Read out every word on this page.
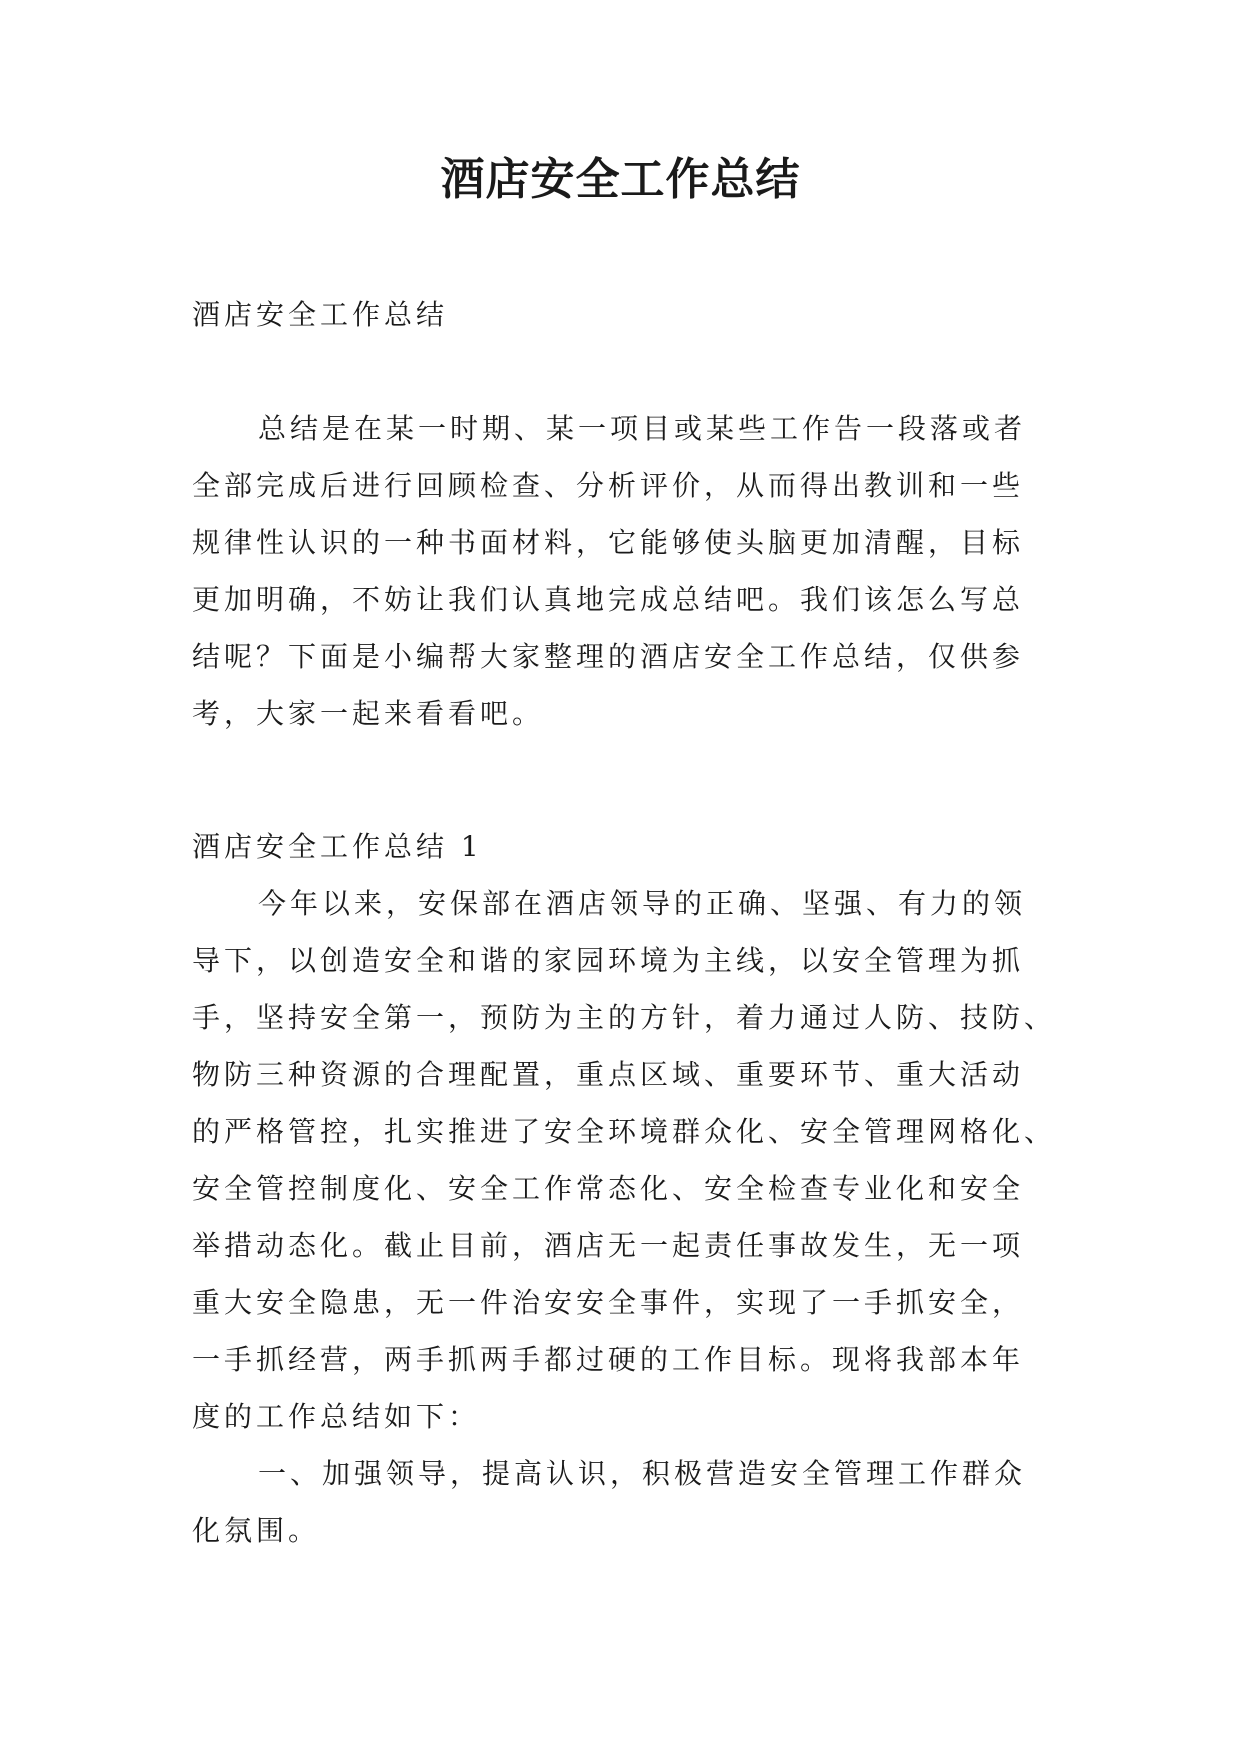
酒店安全工作总结
酒店安全工作总结
总结是在某一时期、某一项目或某些工作告一段落或者
全部完成后进行回顾检查、分析评价，从而得出教训和一些
规律性认识的一种书面材料，它能够使头脑更加清醒，目标
更加明确，不妨让我们认真地完成总结吧。我们该怎么写总
结呢？下面是小编帮大家整理的酒店安全工作总结，仅供参
考，大家一起来看看吧。
酒店安全工作总结 1
今年以来，安保部在酒店领导的正确、坚强、有力的领
导下，以创造安全和谐的家园环境为主线，以安全管理为抓
手，坚持安全第一，预防为主的方针，着力通过人防、技防、
物防三种资源的合理配置，重点区域、重要环节、重大活动
的严格管控，扎实推进了安全环境群众化、安全管理网格化、
安全管控制度化、安全工作常态化、安全检查专业化和安全
举措动态化。截止目前，酒店无一起责任事故发生，无一项
重大安全隐患，无一件治安安全事件，实现了一手抓安全，
一手抓经营，两手抓两手都过硬的工作目标。现将我部本年
度的工作总结如下：
一、加强领导，提高认识，积极营造安全管理工作群众
化氛围。
